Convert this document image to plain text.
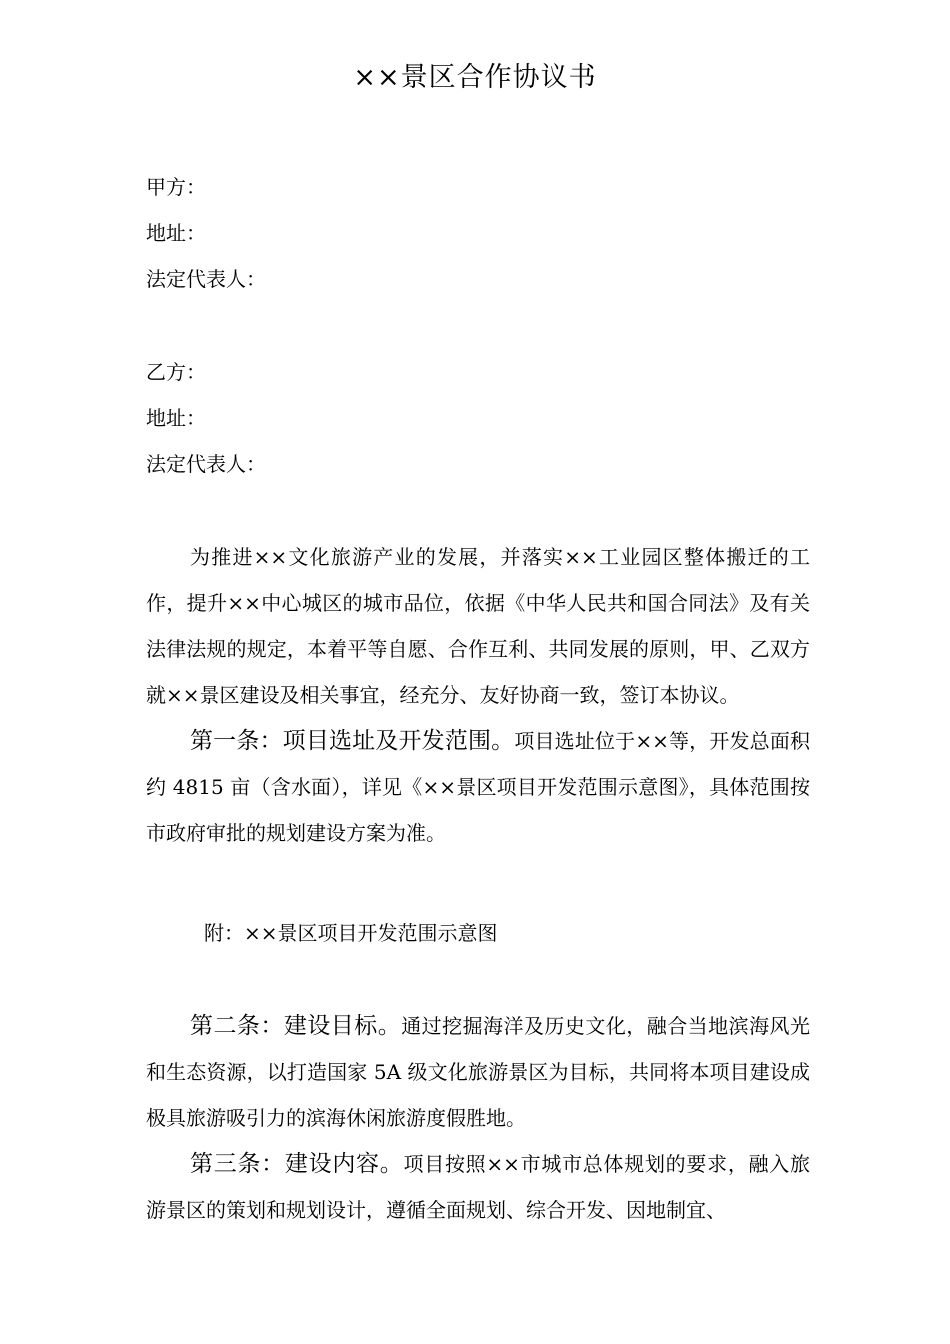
××景区合作协议书
甲方：
地址：
法定代表人：
乙方：
地址：
法定代表人：

为推进××文化旅游产业的发展，并落实××工业园区整体搬迁的工作，提升××中心城区的城市品位，依据《中华人民共和国合同法》及有关法律法规的规定，本着平等自愿、合作互利、共同发展的原则，甲、乙双方就××景区建设及相关事宜，经充分、友好协商一致，签订本协议。

第一条：项目选址及开发范围。项目选址位于××等，开发总面积约 4815 亩（含水面），详见《××景区项目开发范围示意图》，具体范围按市政府审批的规划建设方案为准。

附：××景区项目开发范围示意图

第二条：建设目标。通过挖掘海洋及历史文化，融合当地滨海风光和生态资源，以打造国家 5A 级文化旅游景区为目标，共同将本项目建设成极具旅游吸引力的滨海休闲旅游度假胜地。

第三条：建设内容。项目按照××市城市总体规划的要求，融入旅游景区的策划和规划设计，遵循全面规划、综合开发、因地制宜、
